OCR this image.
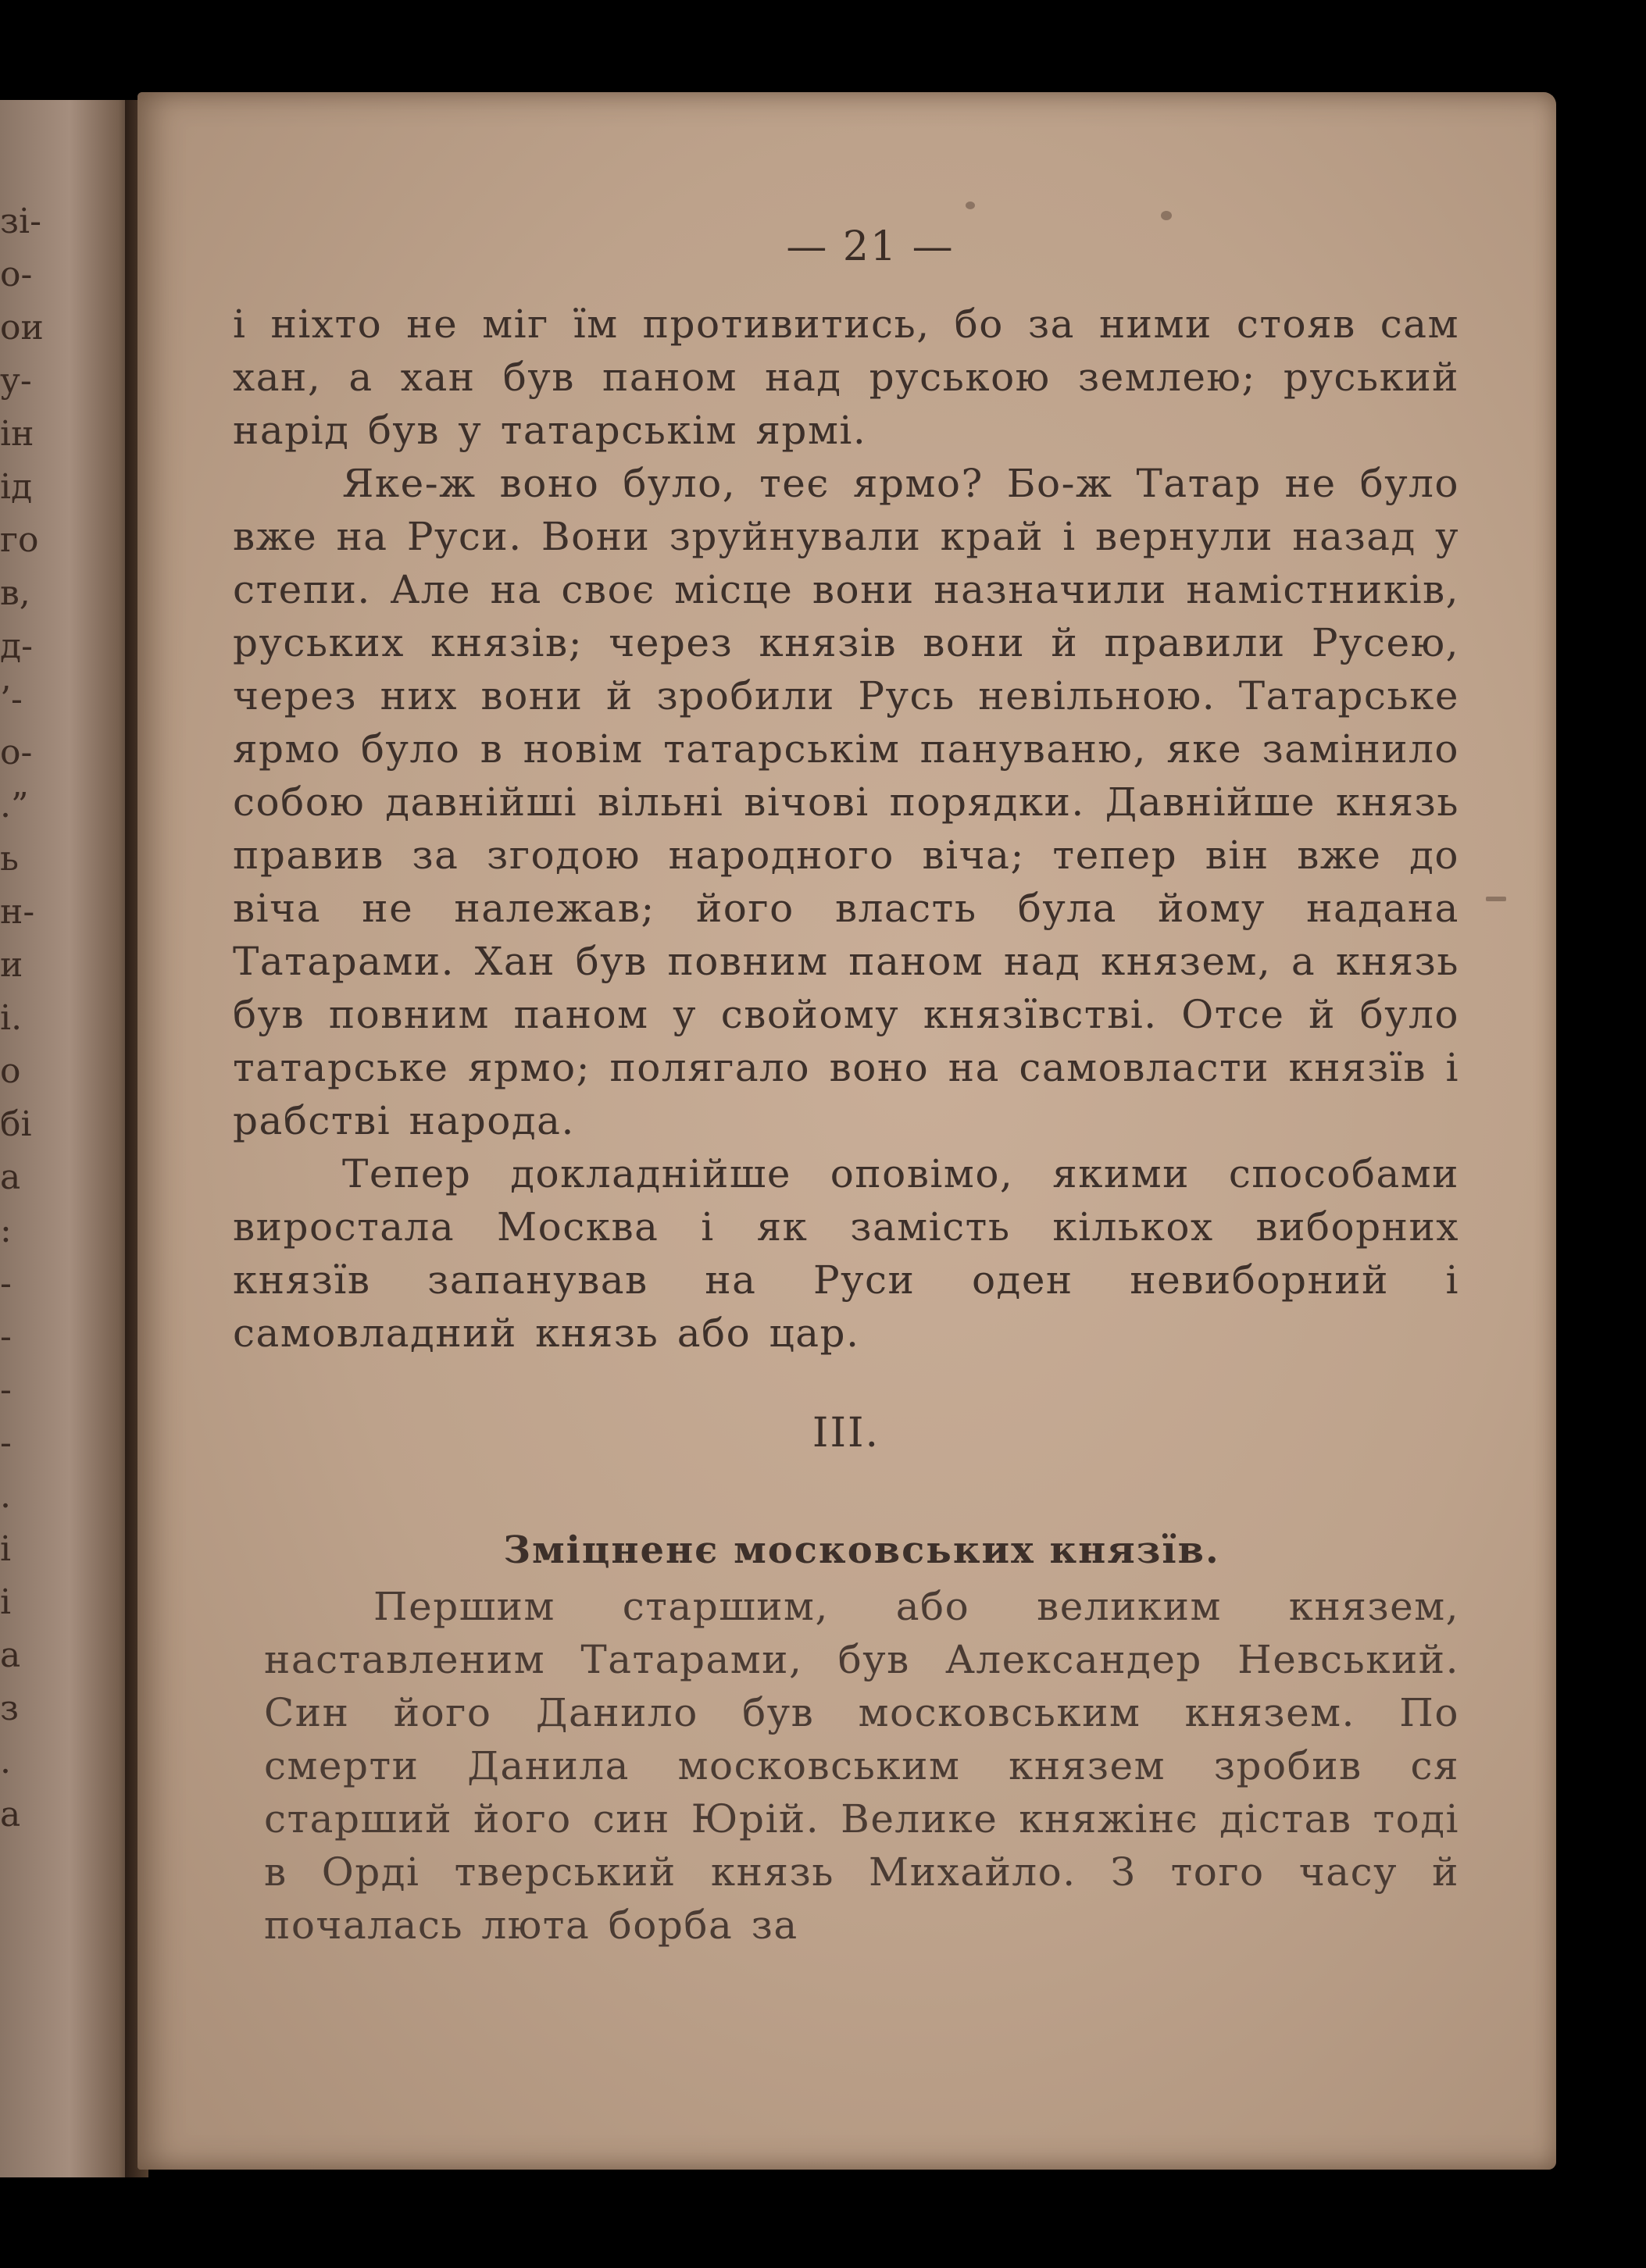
зі-
о-
ои
у-
ін
ід
го
в,
д-
’-
о-
.”
ь
н-
и
і.
о
бі
а
:
-
-
-
-
.
і
і
а
з
.
а
— 21 —

і ніхто не міг їм противитись, бо за ними стояв сам хан, а хан був паном над руською землею; руський нарід був у татарськім ярмі.

Яке-ж воно було, теє ярмо? Бо-ж Татар не було вже на Руси. Вони зруйнували край і вернули назад у степи. Але на своє місце вони назначили намістників, руських князів; через князів вони й правили Русею, через них вони й зробили Русь невільною. Татарське ярмо було в новім татарськім пануваню, яке замінило собою давнійші вільні вічові порядки. Давнійше князь правив за згодою народного віча; тепер він вже до віча не належав; його власть була йому надана Татарами. Хан був повним паном над князем, а князь був повним паном у свойому князївстві. Отсе й було татарське ярмо; полягало воно на самовласти князїв і рабстві народа.

Тепер докладнійше оповімо, якими способами виростала Москва і як замість кількох виборних князїв запанував на Руси оден невиборний і самовладний князь або цар.

III.
Зміцненє московських князїв.

Першим старшим, або великим князем, наставленим Татарами, був Александер Невський. Син його Данило був московським князем. По смерти Данила московським князем зробив ся старший його син Юрій. Велике княжінє дістав тоді в Орді тверський князь Михайло. З того часу й почалась люта борба за
